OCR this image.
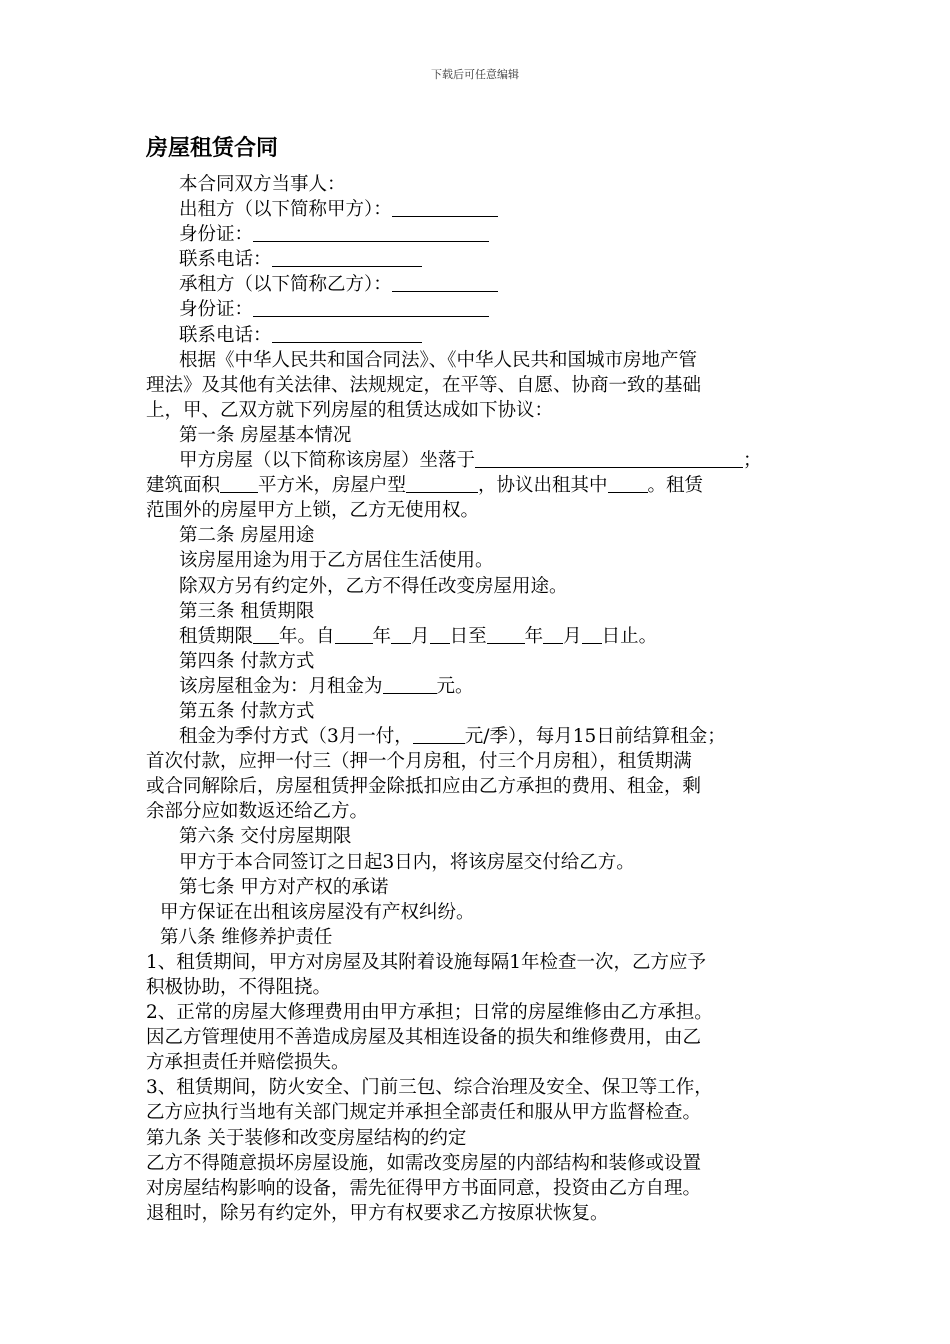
下载后可任意编辑
房屋租赁合同
本合同双方当事人：
出租方（以下简称甲方）：
身份证：
联系电话：
承租方（以下简称乙方）：
身份证：
联系电话：
根据《中华人民共和国合同法》、《中华人民共和国城市房地产管
理法》及其他有关法律、法规规定，在平等、自愿、协商一致的基础
上，甲、乙双方就下列房屋的租赁达成如下协议：
第一条 房屋基本情况
甲方房屋（以下简称该房屋）坐落于	；
建筑面积 平方米，房屋户型	，协议出租其中 。租赁
范围外的房屋甲方上锁，乙方无使用权。
第二条 房屋用途
该房屋用途为用于乙方居住生活使用。
除双方另有约定外，乙方不得任改变房屋用途。
第三条 租赁期限
租赁期限 年。自 年 月 日至 年 月 日止。
第四条 付款方式
该房屋租金为：月租金为	元。
第五条 付款方式
租金为季付方式（3月一付，	元/季），每月15日前结算租金；
首次付款，应押一付三（押一个月房租，付三个月房租），租赁期满
或合同解除后，房屋租赁押金除抵扣应由乙方承担的费用、租金，剩
余部分应如数返还给乙方。
第六条 交付房屋期限
甲方于本合同签订之日起3日内，将该房屋交付给乙方。
第七条 甲方对产权的承诺
甲方保证在出租该房屋没有产权纠纷。
第八条 维修养护责任
1、租赁期间，甲方对房屋及其附着设施每隔1年检查一次，乙方应予
积极协助，不得阻挠。
2、正常的房屋大修理费用由甲方承担；日常的房屋维修由乙方承担。
因乙方管理使用不善造成房屋及其相连设备的损失和维修费用，由乙
方承担责任并赔偿损失。
3、租赁期间，防火安全、门前三包、综合治理及安全、保卫等工作，
乙方应执行当地有关部门规定并承担全部责任和服从甲方监督检查。
第九条 关于装修和改变房屋结构的约定
乙方不得随意损坏房屋设施，如需改变房屋的内部结构和装修或设置
对房屋结构影响的设备，需先征得甲方书面同意，投资由乙方自理。
退租时，除另有约定外，甲方有权要求乙方按原状恢复。
